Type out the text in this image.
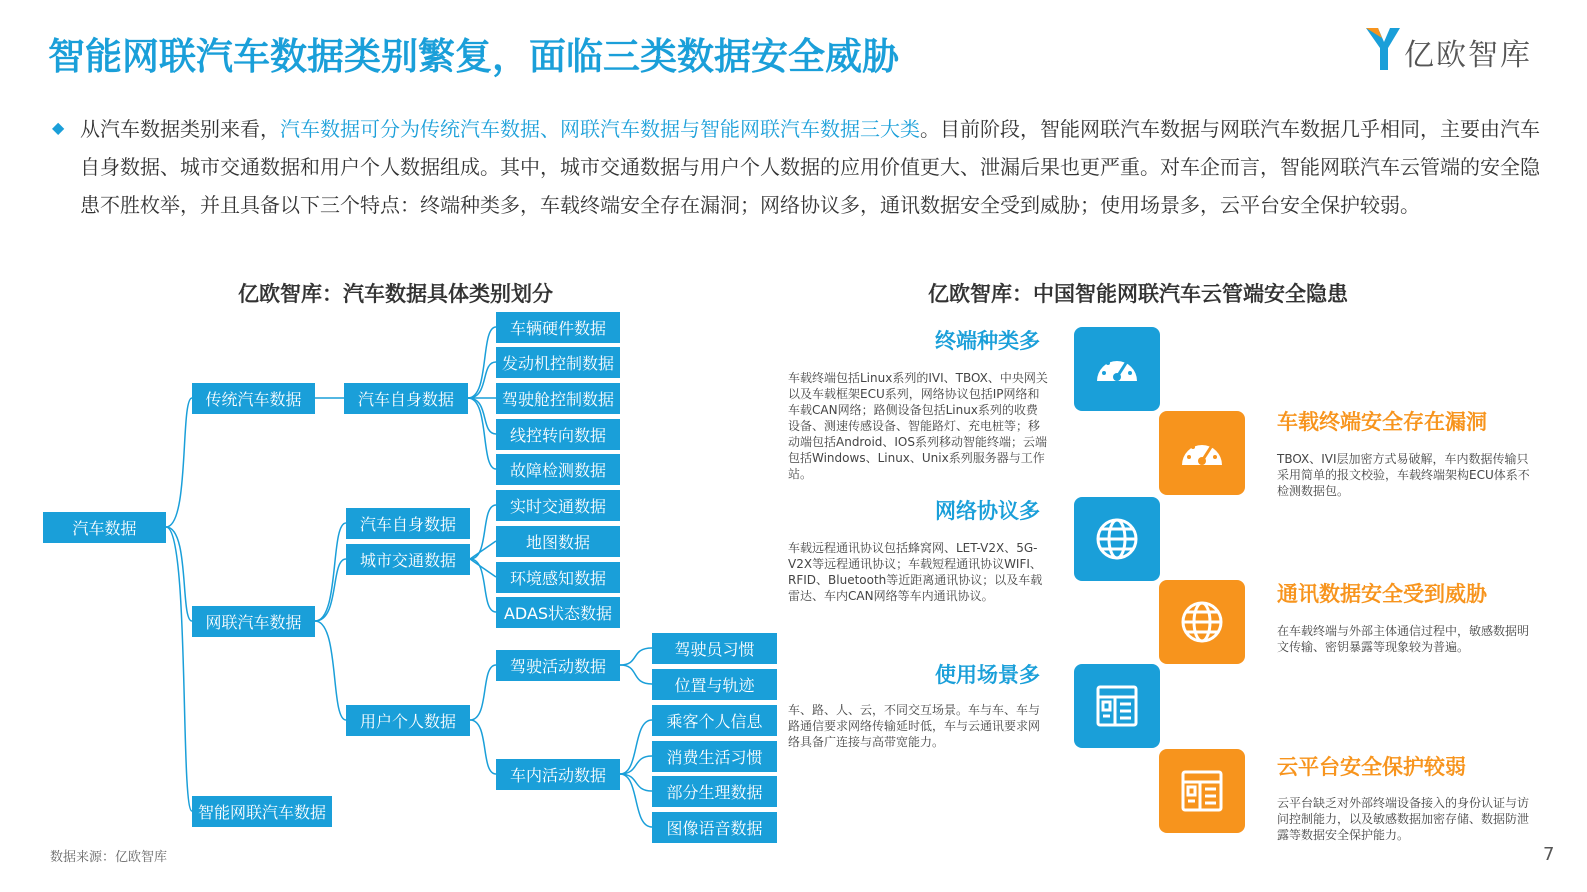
智能网联汽车数据类别繁复，面临三类数据安全威胁	亿欧智库
◆ 从汽车数据类别来看，汽车数据可分为传统汽车数据、网联汽车数据与智能网联汽车数据三大类。目前阶段，智能网联汽车数据与网联汽车数据几乎相同，主要由汽车自身数据、城市交通数据和用户个人数据组成。其中，城市交通数据与用户个人数据的应用价值更大、泄漏后果也更严重。对车企而言，智能网联汽车云管端的安全隐患不胜枚举，并且具备以下三个特点：终端种类多，车载终端安全存在漏洞；网络协议多，通讯数据安全受到威胁；使用场景多，云平台安全保护较弱。
亿欧智库：汽车数据具体类别划分	亿欧智库：中国智能网联汽车云管端安全隐患
汽车数据
传统汽车数据
网联汽车数据
智能网联汽车数据
汽车自身数据
汽车自身数据
城市交通数据
用户个人数据
车辆硬件数据
发动机控制数据
驾驶舱控制数据
线控转向数据
故障检测数据
实时交通数据
地图数据
环境感知数据
ADAS状态数据
驾驶活动数据
车内活动数据
驾驶员习惯
位置与轨迹
乘客个人信息
消费生活习惯
部分生理数据
图像语音数据
终端种类多
车载终端包括Linux系列的IVI、TBOX、中央网关以及车载框架ECU系列，网络协议包括IP网络和车载CAN网络；路侧设备包括Linux系列的收费设备、测速传感设备、智能路灯、充电桩等；移动端包括Android、IOS系列移动智能终端；云端包括Windows、Linux、Unix系列服务器与工作站。
网络协议多
车载远程通讯协议包括蜂窝网、LET-V2X、5G-V2X等远程通讯协议；车载短程通讯协议WIFI、RFID、Bluetooth等近距离通讯协议；以及车载雷达、车内CAN网络等车内通讯协议。
使用场景多
车、路、人、云，不同交互场景。车与车、车与路通信要求网络传输延时低，车与云通讯要求网络具备广连接与高带宽能力。
车载终端安全存在漏洞
TBOX、IVI层加密方式易破解，车内数据传输只采用简单的报文校验，车载终端架构ECU体系不检测数据包。
通讯数据安全受到威胁
在车载终端与外部主体通信过程中，敏感数据明文传输、密钥暴露等现象较为普遍。
云平台安全保护较弱
云平台缺乏对外部终端设备接入的身份认证与访问控制能力，以及敏感数据加密存储、数据防泄露等数据安全保护能力。
数据来源：亿欧智库	7
